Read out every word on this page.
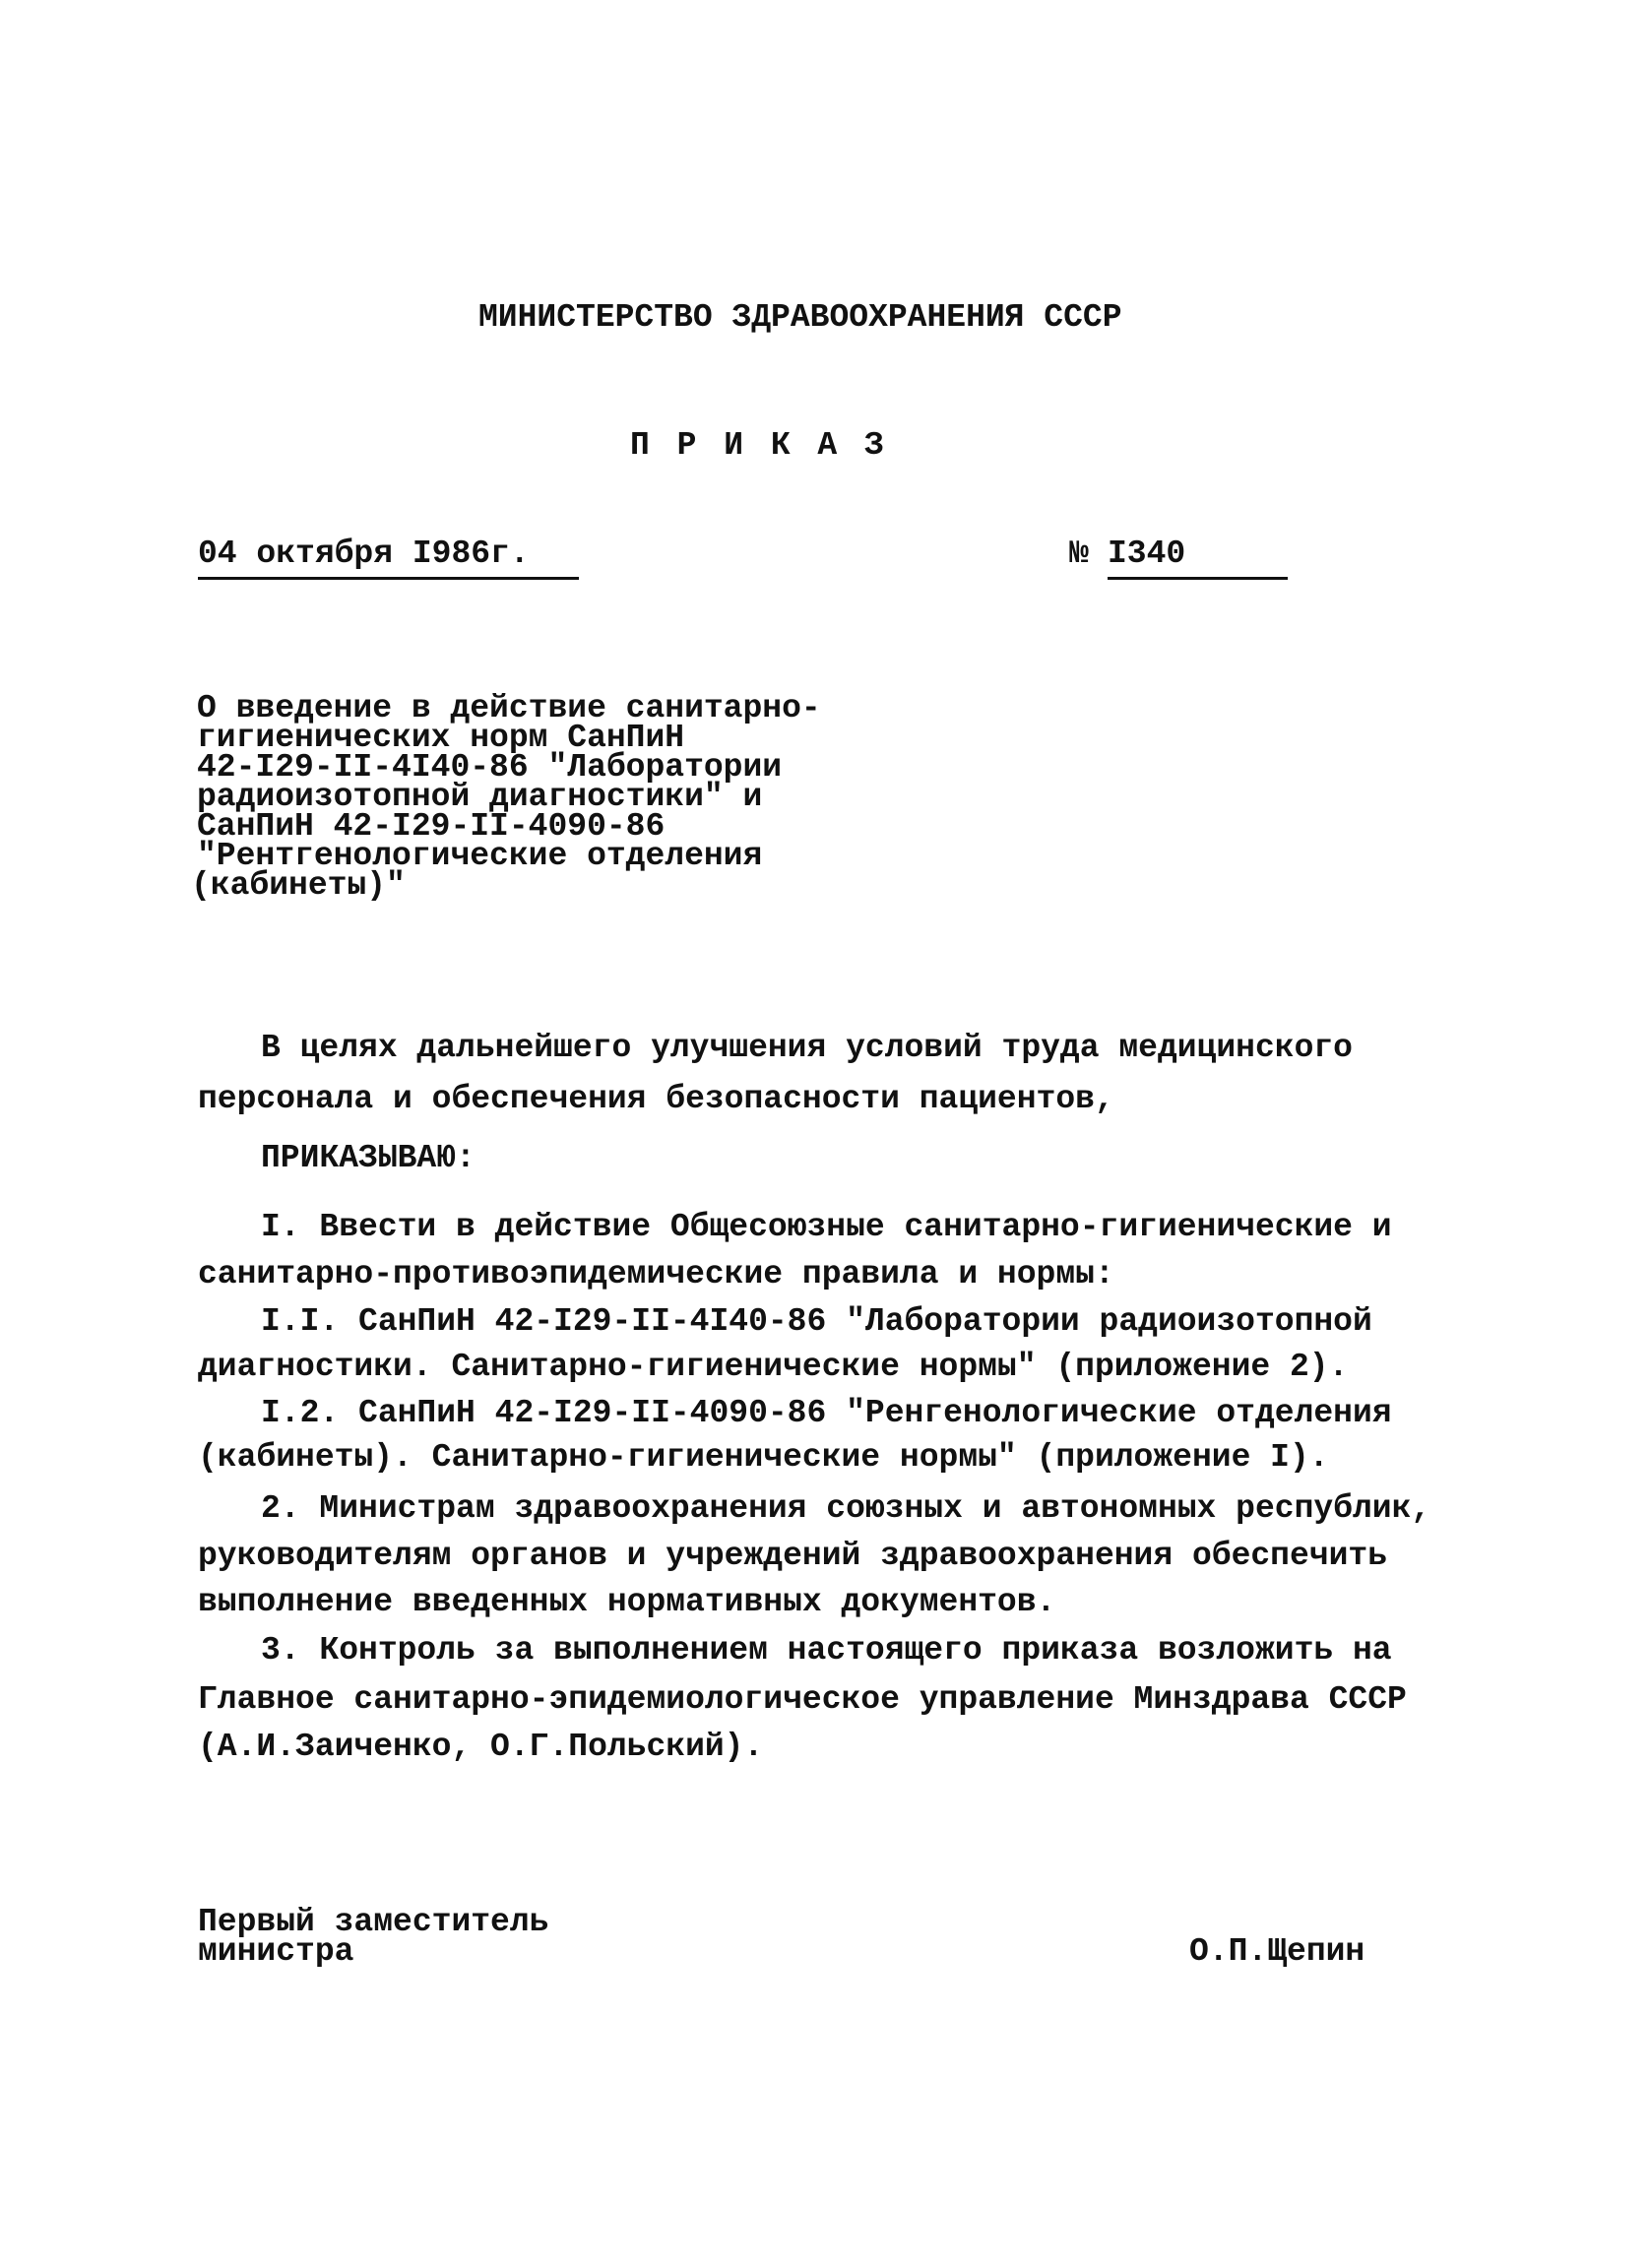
МИНИСТЕРСТВО ЗДРАВООХРАНЕНИЯ СССР
П Р И К А З
04 октября I986г.	№ I340
О введение в действие санитарно-
гигиенических норм СанПиН
42-I29-II-4I40-86 "Лаборатории
радиоизотопной диагностики" и
СанПиН 42-I29-II-4090-86
"Рентгенологические отделения
(кабинеты)"
В целях дальнейшего улучшения условий труда медицинского
персонала и обеспечения безопасности пациентов,
ПРИКАЗЫВАЮ:
I. Ввести в действие Общесоюзные санитарно-гигиенические и
санитарно-противоэпидемические правила и нормы:
I.I. СанПиН 42-I29-II-4I40-86 "Лаборатории радиоизотопной
диагностики. Санитарно-гигиенические нормы" (приложение 2).
I.2. СанПиН 42-I29-II-4090-86 "Ренгенологические отделения
(кабинеты). Санитарно-гигиенические нормы" (приложение I).
2. Министрам здравоохранения союзных и автономных республик,
руководителям органов и учреждений здравоохранения обеспечить
выполнение введенных нормативных документов.
3. Контроль за выполнением настоящего приказа возложить на
Главное санитарно-эпидемиологическое управление Минздрава СССР
(А.И.Заиченко, О.Г.Польский).
Первый заместитель
министра	О.П.Щепин
